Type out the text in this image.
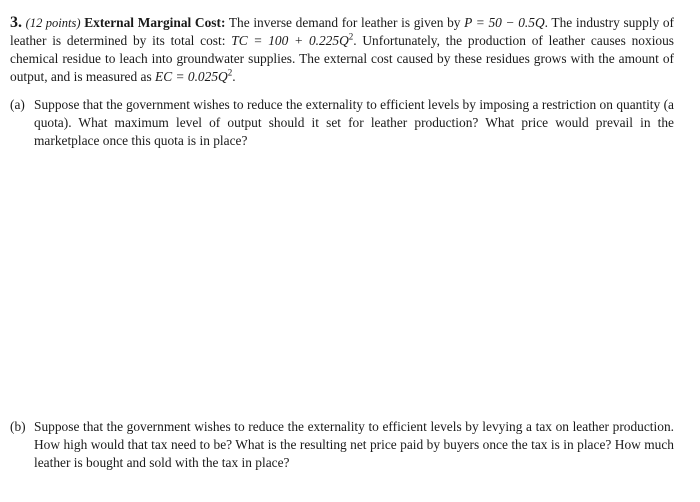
3. (12 points) External Marginal Cost: The inverse demand for leather is given by P = 50 − 0.5Q. The industry supply of leather is determined by its total cost: TC = $100 + 0.225Q^2$. Unfortunately, the production of leather causes noxious chemical residue to leach into groundwater supplies. The external cost caused by these residues grows with the amount of output, and is measured as EC = $0.025Q^2$.
(a) Suppose that the government wishes to reduce the externality to efficient levels by imposing a restriction on quantity (a quota). What maximum level of output should it set for leather production? What price would prevail in the marketplace once this quota is in place?
(b) Suppose that the government wishes to reduce the externality to efficient levels by levying a tax on leather production. How high would that tax need to be? What is the resulting net price paid by buyers once the tax is in place? How much leather is bought and sold with the tax in place?
